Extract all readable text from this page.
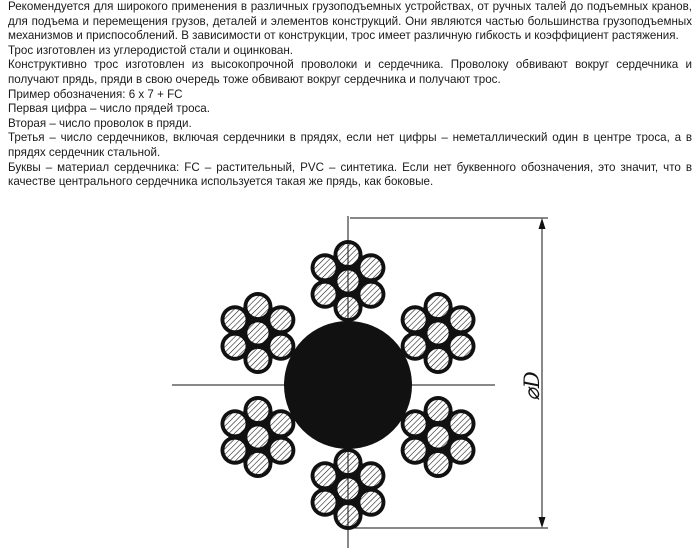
Рекомендуется для широкого применения в различных грузоподъемных устройствах, от ручных талей до подъемных кранов, для подъема и перемещения грузов, деталей и элементов конструкций. Они являются частью большинства грузоподъемных механизмов и приспособлений. В зависимости от конструкции, трос имеет различную гибкость и коэффициент растяжения.

Трос изготовлен из углеродистой стали и оцинкован.

Конструктивно трос изготовлен из высокопрочной проволоки и сердечника. Проволоку обвивают вокруг сердечника и получают прядь, пряди в свою очередь тоже обвивают вокруг сердечника и получают трос.

Пример обозначения: 6 x 7 + FC

Первая цифра – число прядей троса.

Вторая – число проволок в пряди.

Третья – число сердечников, включая сердечники в прядях, если нет цифры – неметаллический один в центре троса, а в прядях сердечник стальной.

Буквы – материал сердечника: FC – растительный, PVC – синтетика. Если нет буквенного обозначения, это значит, что в качестве центрального сердечника используется такая же прядь, как боковые.

⌀D
